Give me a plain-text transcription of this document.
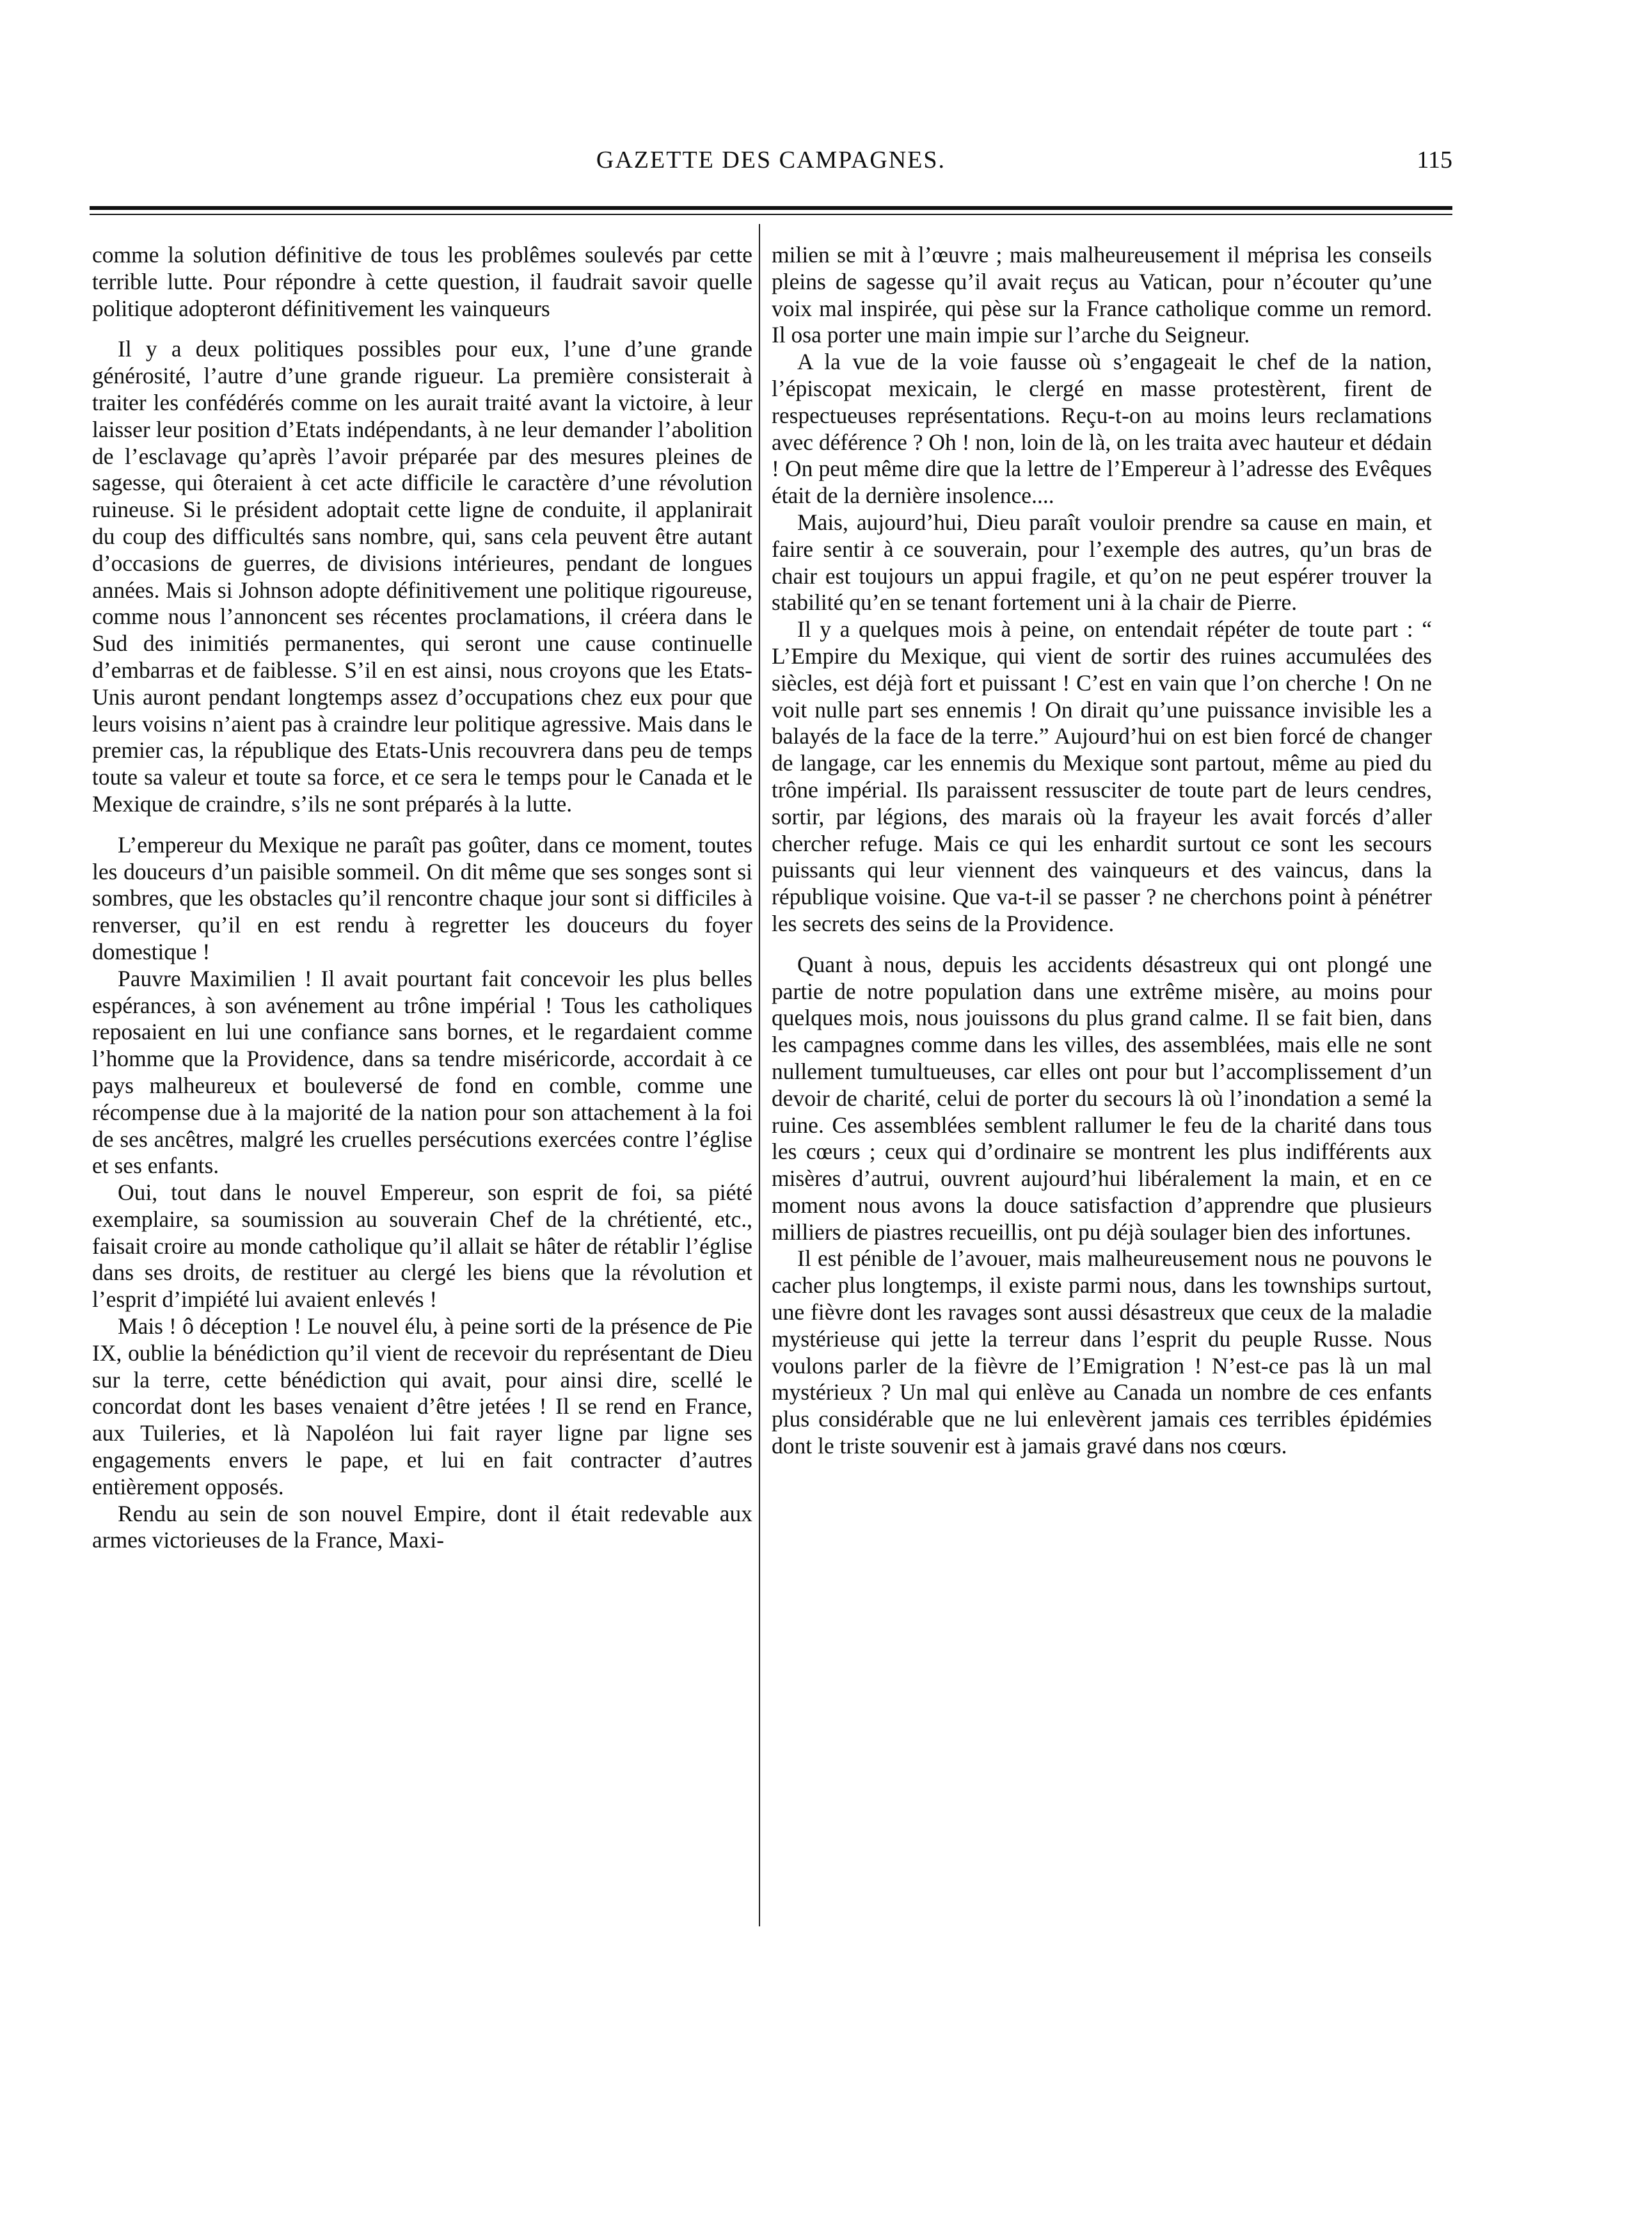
GAZETTE DES CAMPAGNES.	115

comme la solution définitive de tous les problêmes soulevés par cette terrible lutte. Pour répondre à cette question, il faudrait savoir quelle politique adopteront définitivement les vainqueurs

Il y a deux politiques possibles pour eux, l’une d’une grande générosité, l’autre d’une grande rigueur. La première consisterait à traiter les confédérés comme on les aurait traité avant la victoire, à leur laisser leur position d’Etats indépendants, à ne leur demander l’abolition de l’esclavage qu’après l’avoir préparée par des mesures pleines de sagesse, qui ôteraient à cet acte difficile le caractère d’une révolution ruineuse. Si le président adoptait cette ligne de conduite, il applanirait du coup des difficultés sans nombre, qui, sans cela peuvent être autant d’occasions de guerres, de divisions intérieures, pendant de longues années. Mais si Johnson adopte définitivement une politique rigoureuse, comme nous l’annoncent ses récentes proclamations, il créera dans le Sud des inimitiés permanentes, qui seront une cause continuelle d’embarras et de faiblesse. S’il en est ainsi, nous croyons que les Etats-Unis auront pendant longtemps assez d’occupations chez eux pour que leurs voisins n’aient pas à craindre leur politique agressive. Mais dans le premier cas, la république des Etats-Unis recouvrera dans peu de temps toute sa valeur et toute sa force, et ce sera le temps pour le Canada et le Mexique de craindre, s’ils ne sont préparés à la lutte.

L’empereur du Mexique ne paraît pas goûter, dans ce moment, toutes les douceurs d’un paisible sommeil. On dit même que ses songes sont si sombres, que les obstacles qu’il rencontre chaque jour sont si difficiles à renverser, qu’il en est rendu à regretter les douceurs du foyer domestique !

Pauvre Maximilien ! Il avait pourtant fait concevoir les plus belles espérances, à son avénement au trône impérial ! Tous les catholiques reposaient en lui une confiance sans bornes, et le regardaient comme l’homme que la Providence, dans sa tendre miséricorde, accordait à ce pays malheureux et bouleversé de fond en comble, comme une récompense due à la majorité de la nation pour son attachement à la foi de ses ancêtres, malgré les cruelles persécutions exercées contre l’église et ses enfants.

Oui, tout dans le nouvel Empereur, son esprit de foi, sa piété exemplaire, sa soumission au souverain Chef de la chrétienté, etc., faisait croire au monde catholique qu’il allait se hâter de rétablir l’église dans ses droits, de restituer au clergé les biens que la révolution et l’esprit d’impiété lui avaient enlevés !

Mais ! ô déception ! Le nouvel élu, à peine sorti de la présence de Pie IX, oublie la bénédiction qu’il vient de recevoir du représentant de Dieu sur la terre, cette bénédiction qui avait, pour ainsi dire, scellé le concordat dont les bases venaient d’être jetées ! Il se rend en France, aux Tuileries, et là Napoléon lui fait rayer ligne par ligne ses engagements envers le pape, et lui en fait contracter d’autres entièrement opposés.

Rendu au sein de son nouvel Empire, dont il était redevable aux armes victorieuses de la France, Maxi-

milien se mit à l’œuvre ; mais malheureusement il méprisa les conseils pleins de sagesse qu’il avait reçus au Vatican, pour n’écouter qu’une voix mal inspirée, qui pèse sur la France catholique comme un remord. Il osa porter une main impie sur l’arche du Seigneur.

A la vue de la voie fausse où s’engageait le chef de la nation, l’épiscopat mexicain, le clergé en masse protestèrent, firent de respectueuses représentations. Reçu-t-on au moins leurs reclamations avec déférence ? Oh ! non, loin de là, on les traita avec hauteur et dédain ! On peut même dire que la lettre de l’Empereur à l’adresse des Evêques était de la dernière insolence....

Mais, aujourd’hui, Dieu paraît vouloir prendre sa cause en main, et faire sentir à ce souverain, pour l’exemple des autres, qu’un bras de chair est toujours un appui fragile, et qu’on ne peut espérer trouver la stabilité qu’en se tenant fortement uni à la chair de Pierre.

Il y a quelques mois à peine, on entendait répéter de toute part : “ L’Empire du Mexique, qui vient de sortir des ruines accumulées des siècles, est déjà fort et puissant ! C’est en vain que l’on cherche ! On ne voit nulle part ses ennemis ! On dirait qu’une puissance invisible les a balayés de la face de la terre.” Aujourd’hui on est bien forcé de changer de langage, car les ennemis du Mexique sont partout, même au pied du trône impérial. Ils paraissent ressusciter de toute part de leurs cendres, sortir, par légions, des marais où la frayeur les avait forcés d’aller chercher refuge. Mais ce qui les enhardit surtout ce sont les secours puissants qui leur viennent des vainqueurs et des vaincus, dans la république voisine. Que va-t-il se passer ? ne cherchons point à pénétrer les secrets des seins de la Providence.

Quant à nous, depuis les accidents désastreux qui ont plongé une partie de notre population dans une extrême misère, au moins pour quelques mois, nous jouissons du plus grand calme. Il se fait bien, dans les campagnes comme dans les villes, des assemblées, mais elle ne sont nullement tumultueuses, car elles ont pour but l’accomplissement d’un devoir de charité, celui de porter du secours là où l’inondation a semé la ruine. Ces assemblées semblent rallumer le feu de la charité dans tous les cœurs ; ceux qui d’ordinaire se montrent les plus indifférents aux misères d’autrui, ouvrent aujourd’hui libéralement la main, et en ce moment nous avons la douce satisfaction d’apprendre que plusieurs milliers de piastres recueillis, ont pu déjà soulager bien des infortunes.

Il est pénible de l’avouer, mais malheureusement nous ne pouvons le cacher plus longtemps, il existe parmi nous, dans les townships surtout, une fièvre dont les ravages sont aussi désastreux que ceux de la maladie mystérieuse qui jette la terreur dans l’esprit du peuple Russe. Nous voulons parler de la fièvre de l’Emigration ! N’est-ce pas là un mal mystérieux ? Un mal qui enlève au Canada un nombre de ces enfants plus considérable que ne lui enlevèrent jamais ces terribles épidémies dont le triste souvenir est à jamais gravé dans nos cœurs.
